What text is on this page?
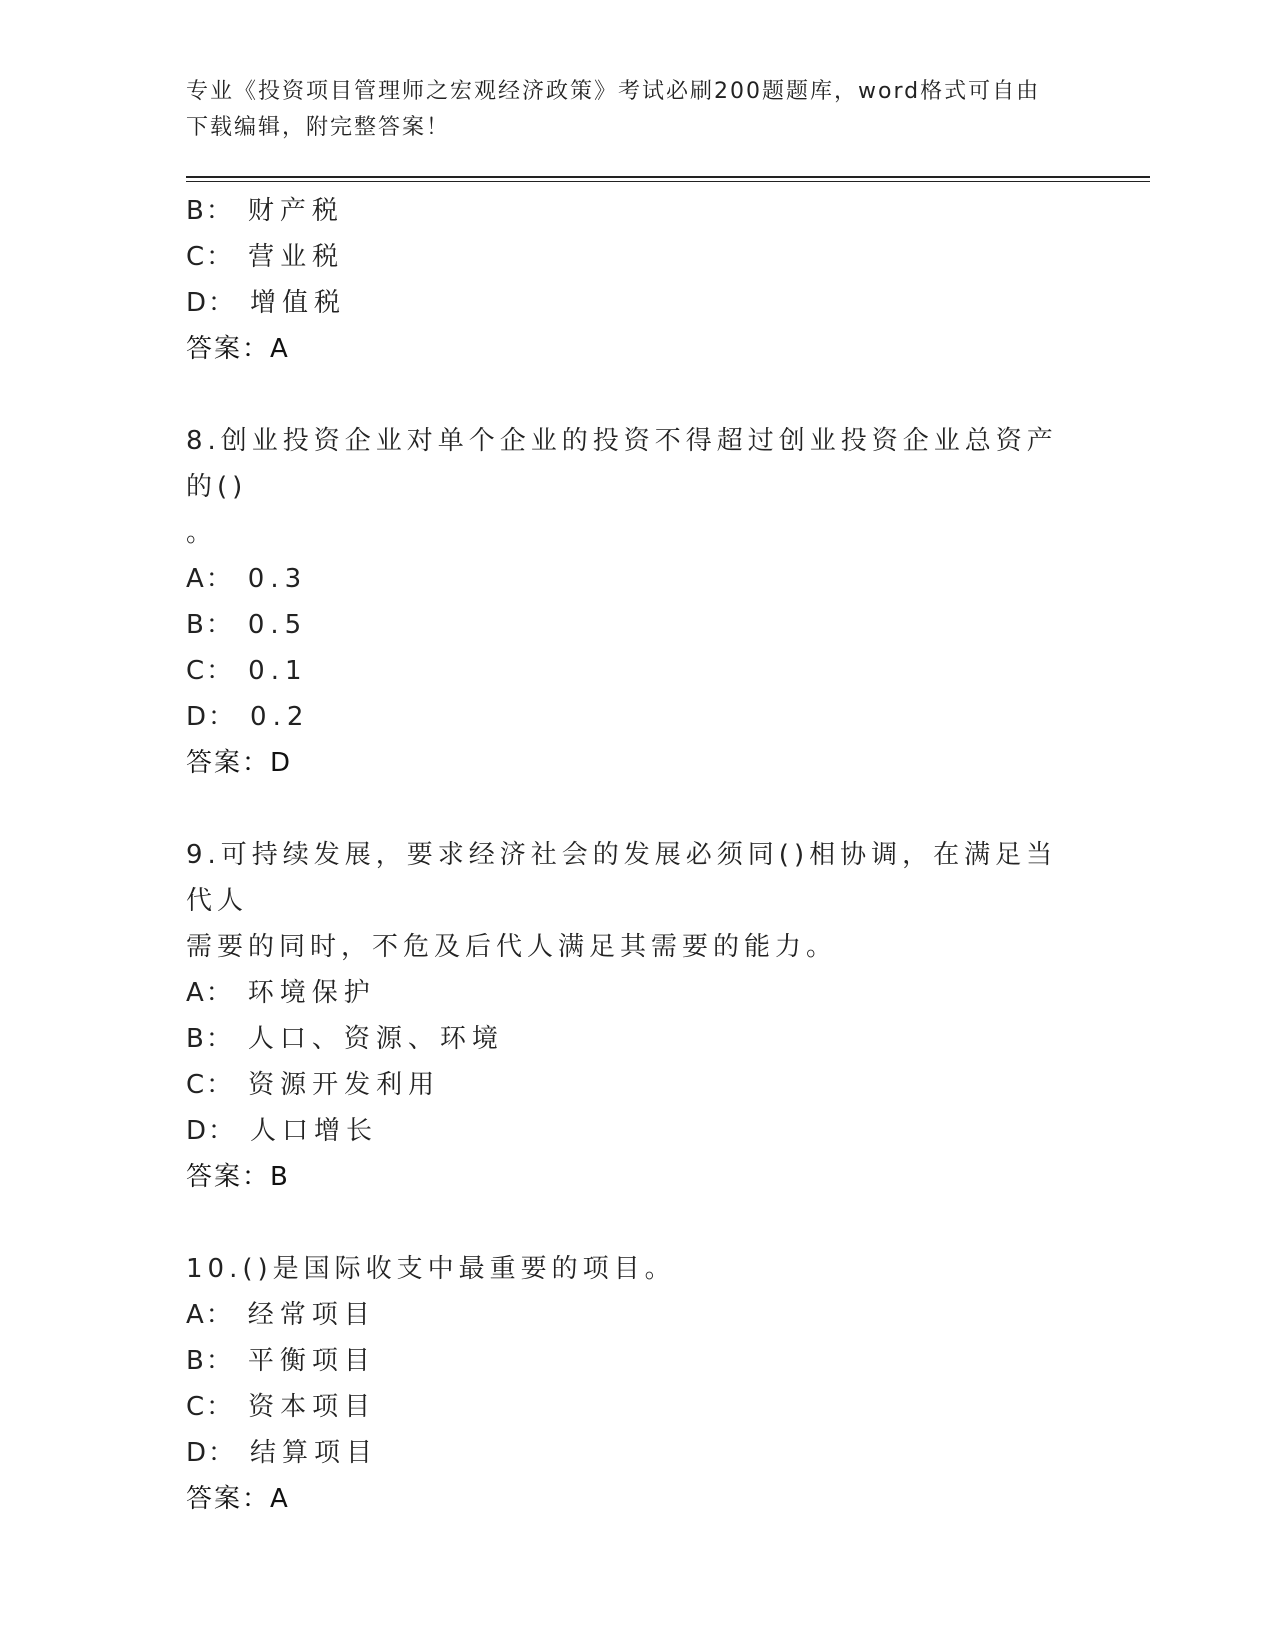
专业《投资项目管理师之宏观经济政策》考试必刷200题题库，word格式可自由
下载编辑，附完整答案！
B： 财产税
C： 营业税
D： 增值税
答案：A
8.创业投资企业对单个企业的投资不得超过创业投资企业总资产的()
。
A： 0.3
B： 0.5
C： 0.1
D： 0.2
答案：D
9.可持续发展，要求经济社会的发展必须同()相协调，在满足当代人
需要的同时，不危及后代人满足其需要的能力。
A： 环境保护
B： 人口、资源、环境
C： 资源开发利用
D： 人口增长
答案：B
10.()是国际收支中最重要的项目。
A： 经常项目
B： 平衡项目
C： 资本项目
D： 结算项目
答案：A
